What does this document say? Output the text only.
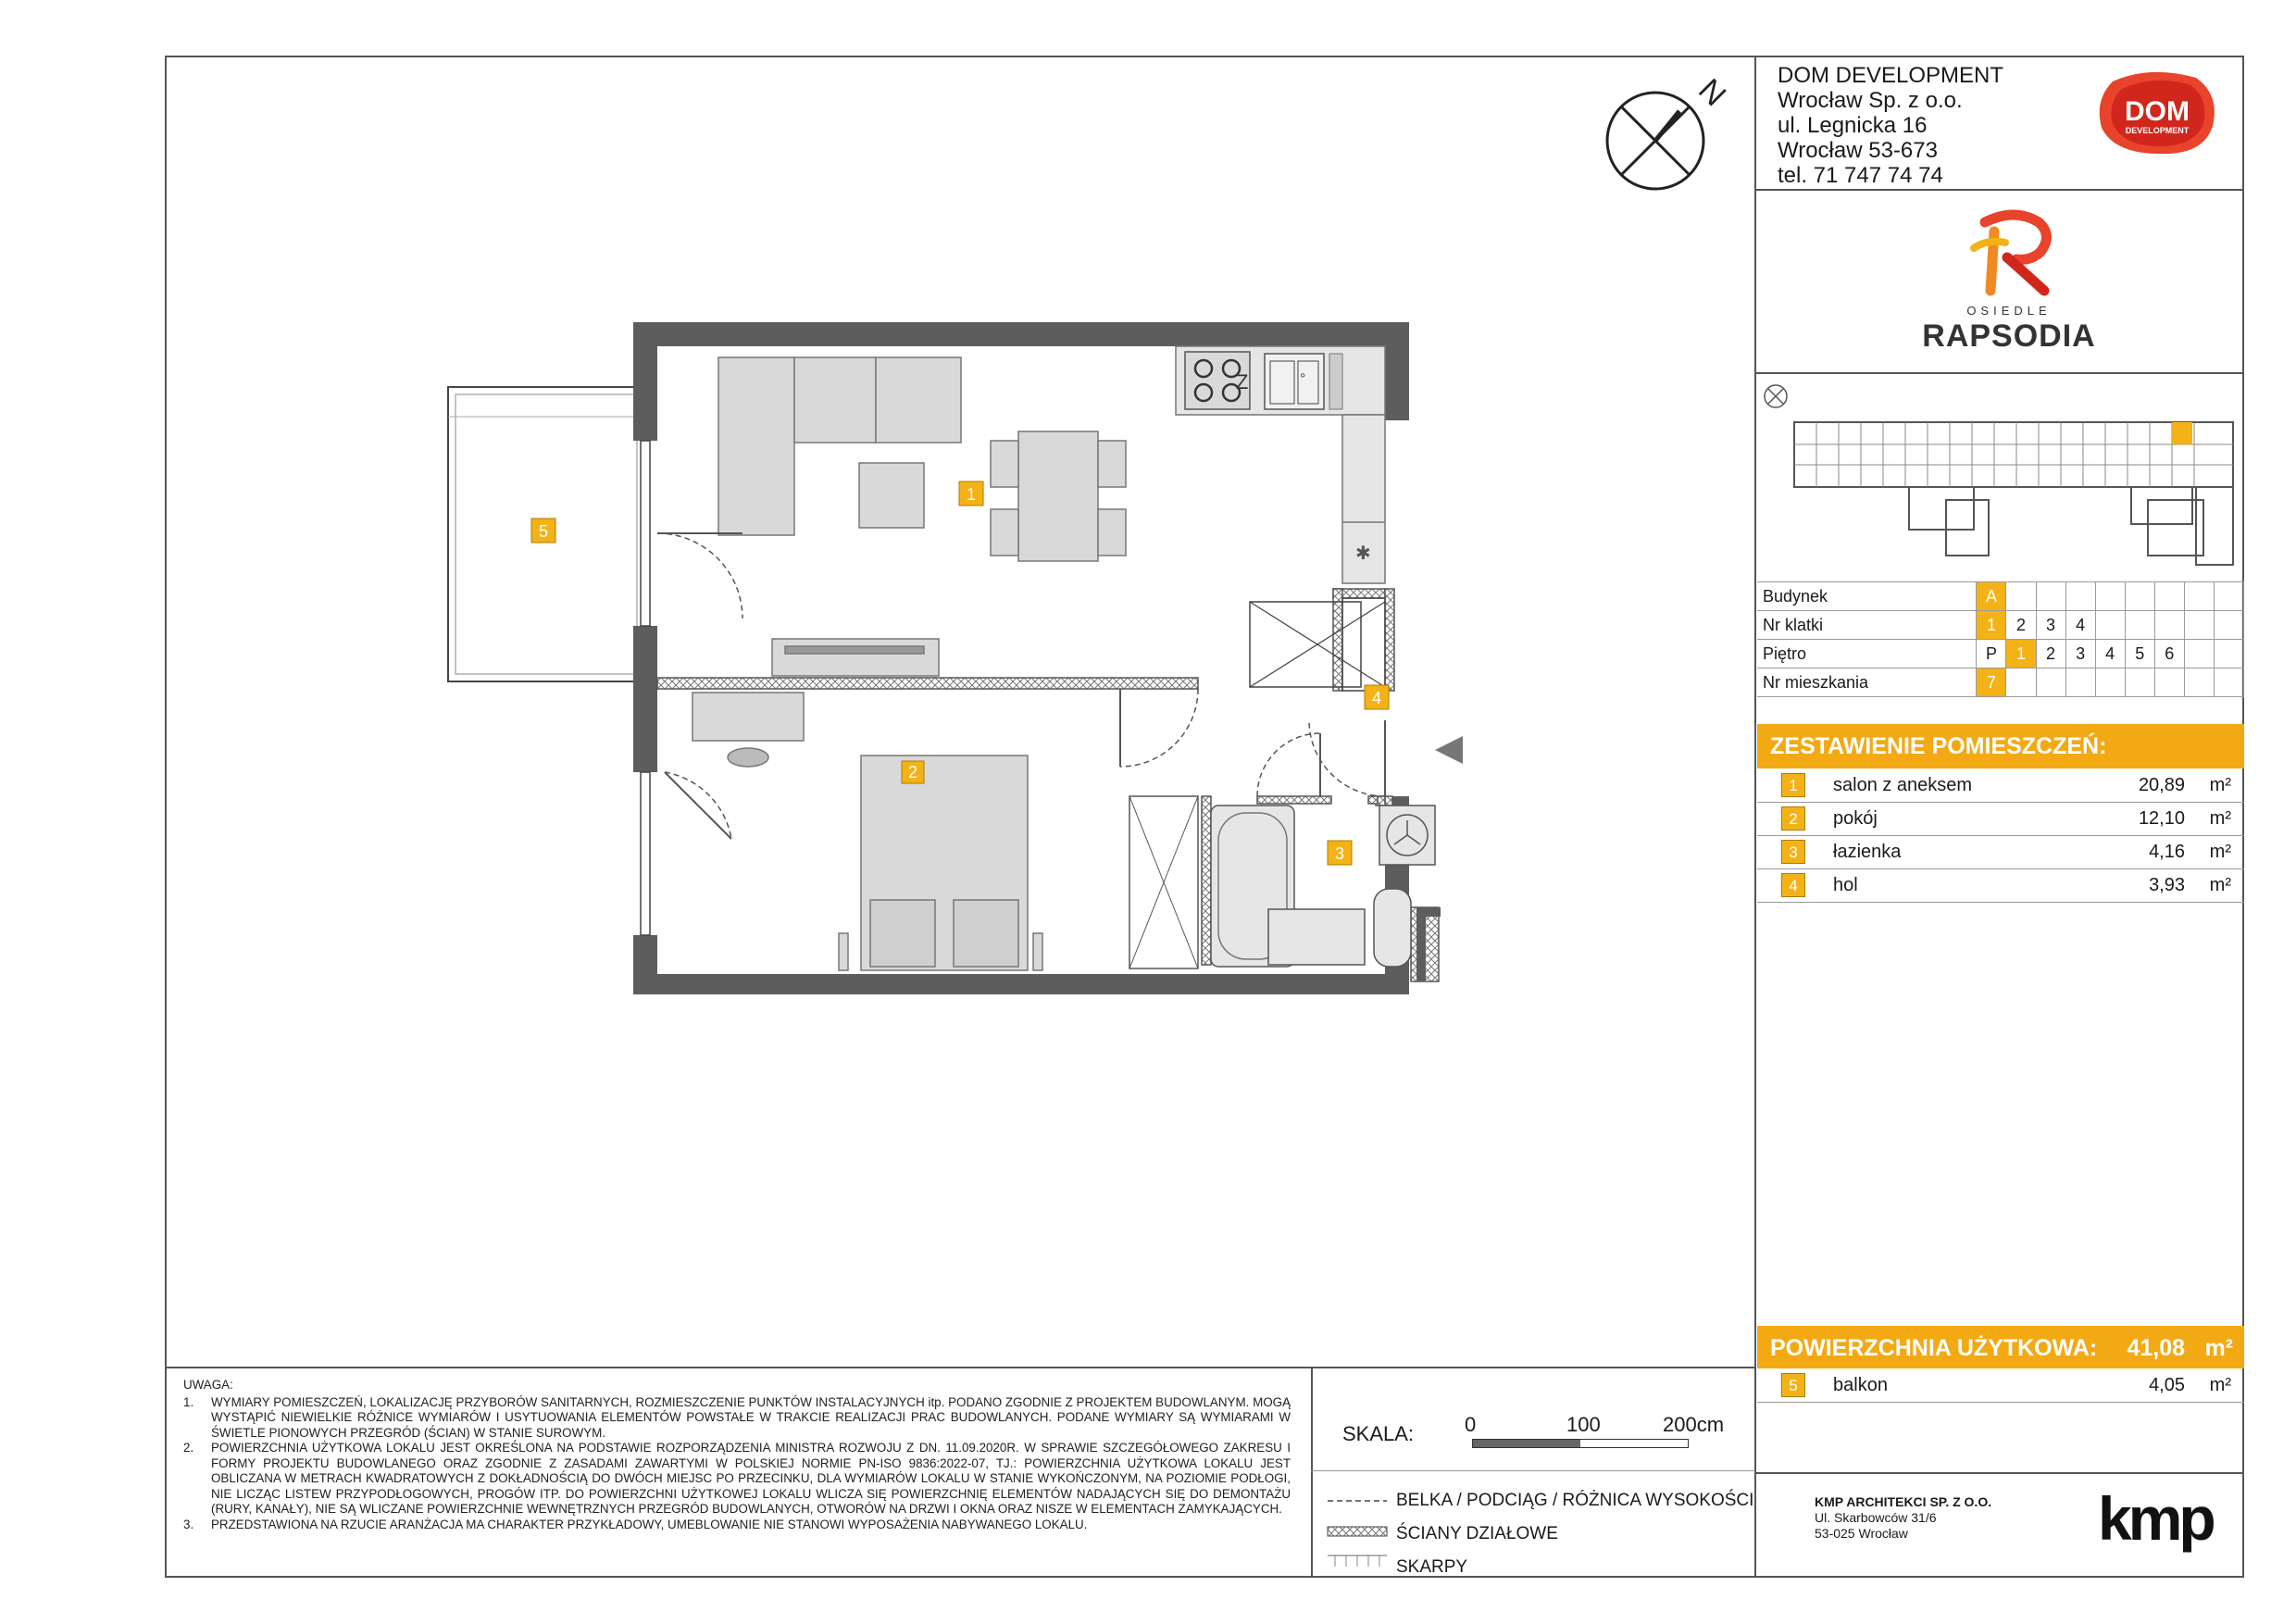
N DOM DEVELOPMENT
Wrocław Sp. z o.o.
ul. Legnicka 16
Wrocław 53-673
tel. 71 747 74 74
DOM
DEVELOPMENT
OSIEDLE
RAPSODIA
Budynek	A								
Nr klatki	1	2	3	4					
Piętro	P	1	2	3	4	5	6		
Nr mieszkania	7								
ZESTAWIENIE POMIESZCZEŃ:
1	salon z aneksem	20,89 m²
2	pokój	12,10 m²
3	łazienka	4,16 m²
4	hol	3,93 m²
POWIERZCHNIA UŻYTKOWA: 41,08 m²
5	balkon	4,05 m²
°
✱
Z
1
2
3
4
5
UWAGA:
1.	WYMIARY POMIESZCZEŃ, LOKALIZACJĘ PRZYBORÓW SANITARNYCH, ROZMIESZCZENIE PUNKTÓW INSTALACYJNYCH itp. PODANO ZGODNIE Z PROJEKTEM BUDOWLANYM. MOGĄ WYSTĄPIĆ NIEWIELKIE RÓŻNICE WYMIARÓW I USYTUOWANIA ELEMENTÓW POWSTAŁE W TRAKCIE REALIZACJI PRAC BUDOWLANYCH. PODANE WYMIARY SĄ WYMIARAMI W ŚWIETLE PIONOWYCH PRZEGRÓD (ŚCIAN) W STANIE SUROWYM.
2.	POWIERZCHNIA UŻYTKOWA LOKALU JEST OKREŚLONA NA PODSTAWIE ROZPORZĄDZENIA MINISTRA ROZWOJU Z DN. 11.09.2020R. W SPRAWIE SZCZEGÓŁOWEGO ZAKRESU I FORMY PROJEKTU BUDOWLANEGO ORAZ ZGODNIE Z ZASADAMI ZAWARTYMI W POLSKIEJ NORMIE PN-ISO 9836:2022-07, TJ.: POWIERZCHNIA UŻYTKOWA LOKALU JEST OBLICZANA W METRACH KWADRATOWYCH Z DOKŁADNOŚCIĄ DO DWÓCH MIEJSC PO PRZECINKU, DLA WYMIARÓW LOKALU W STANIE WYKOŃCZONYM, NA POZIOMIE PODŁOGI, NIE LICZĄC LISTEW PRZYPODŁOGOWYCH, PROGÓW ITP. DO POWIERZCHNI UŻYTKOWEJ LOKALU WLICZA SIĘ POWIERZCHNIĘ ELEMENTÓW NADAJĄCYCH SIĘ DO DEMONTAŻU (RURY, KANAŁY), NIE SĄ WLICZANE POWIERZCHNIE WEWNĘTRZNYCH PRZEGRÓD BUDOWLANYCH, OTWORÓW NA DRZWI I OKNA ORAZ NISZE W ELEMENTACH ZAMYKAJĄCYCH.
3.	PRZEDSTAWIONA NA RZUCIE ARANŻACJA MA CHARAKTER PRZYKŁADOWY, UMEBLOWANIE NIE STANOWI WYPOSAŻENIA NABYWANEGO LOKALU.
SKALA: 0	100	200cm
BELKA / PODCIĄG / RÓŻNICA WYSOKOŚCI
ŚCIANY DZIAŁOWE
SKARPY
KMP ARCHITEKCI SP. Z O.O.
Ul. Skarbowców 31/6
53-025 Wrocław	kmp
